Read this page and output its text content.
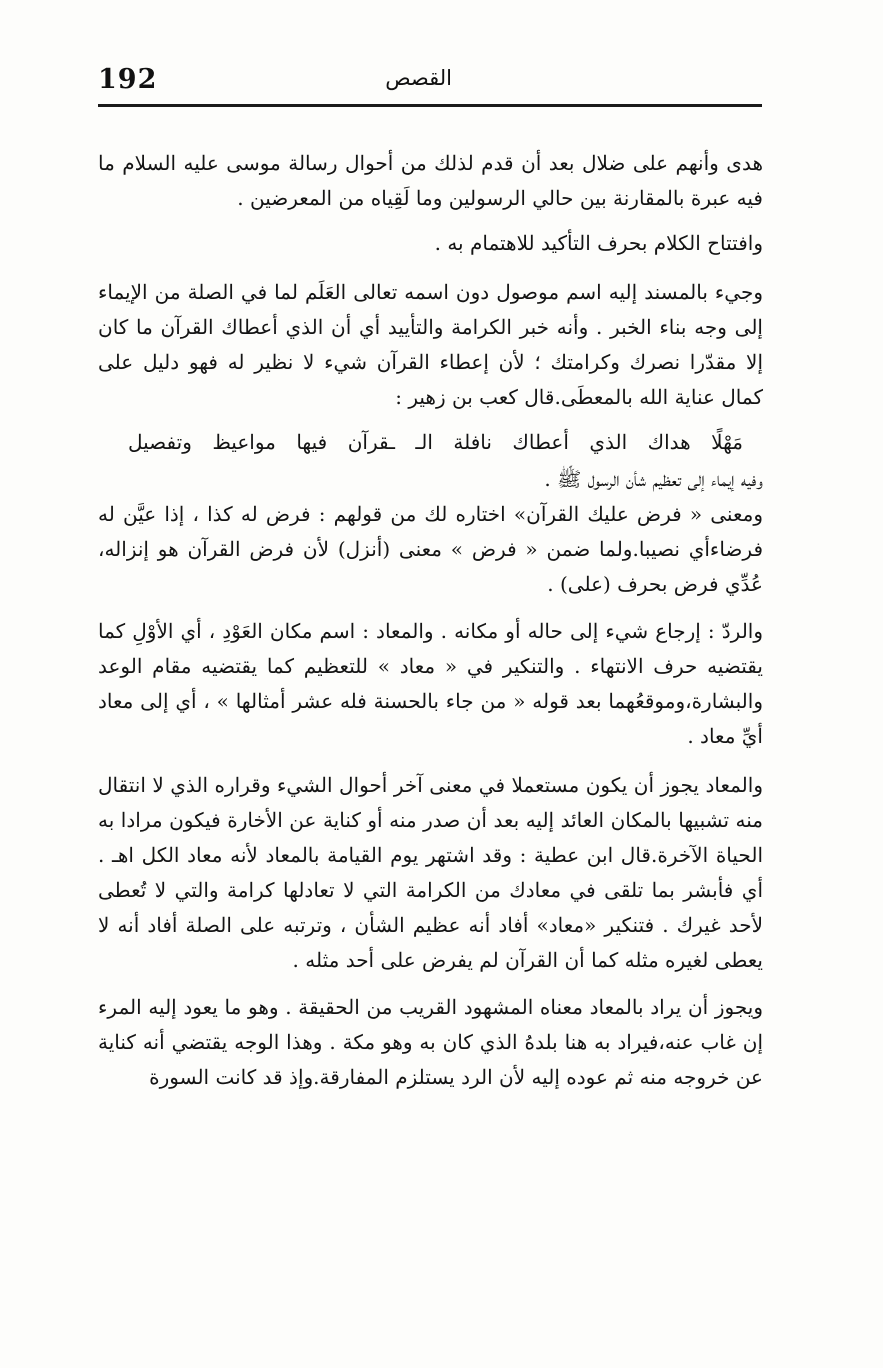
192	القصص

هدى وأنهم على ضلال بعد أن قدم لذلك من أحوال رسالة موسى عليه السلام ما فيه عبرة بالمقارنة بين حالي الرسولين وما لَقِياه من المعرضين .

وافتتاح الكلام بحرف التأكيد للاهتمام به .

وجيء بالمسند إليه اسم موصول دون اسمه تعالى العَلَم لما في الصلة من الإيماء إلى وجه بناء الخبر . وأنه خبر الكرامة والتأييد أي أن الذي أعطاك القرآن ما كان إلا مقدّرا نصرك وكرامتك ؛ لأن إعطاء القرآن شيء لا نظير له فهو دليل على كمال عناية الله بالمعطَى.قال كعب بن زهير :

مَهْلًا هداك الذي أعطاك نافلة الـ ـقرآن فيها مواعيظ وتفصيل

وفيه إيماء إلى تعظيم شأن الرسول ﷺ .

ومعنى « فرض عليك القرآن» اختاره لك من قولهم : فرض له كذا ، إذا عيَّن له فرضاءأي نصيبا.ولما ضمن « فرض » معنى (أنزل) لأن فرض القرآن هو إنزاله، عُدِّي فرض بحرف (على) .

والردّ : إرجاع شيء إلى حاله أو مكانه . والمعاد : اسم مكان العَوْدِ ، أي الأوْلِ كما يقتضيه حرف الانتهاء . والتنكير في « معاد » للتعظيم كما يقتضيه مقام الوعد والبشارة،وموقعُهما بعد قوله « من جاء بالحسنة فله عشر أمثالها » ، أي إلى معاد أيِّ معاد .

والمعاد يجوز أن يكون مستعملا في معنى آخر أحوال الشيء وقراره الذي لا انتقال منه تشبيها بالمكان العائد إليه بعد أن صدر منه أو كناية عن الأخارة فيكون مرادا به الحياة الآخرة.قال ابن عطية : وقد اشتهر يوم القيامة بالمعاد لأنه معاد الكل اهـ . أي فأبشر بما تلقى في معادك من الكرامة التي لا تعادلها كرامة والتي لا تُعطى لأحد غيرك . فتنكير «معاد» أفاد أنه عظيم الشأن ، وترتبه على الصلة أفاد أنه لا يعطى لغيره مثله كما أن القرآن لم يفرض على أحد مثله .

ويجوز أن يراد بالمعاد معناه المشهود القريب من الحقيقة . وهو ما يعود إليه المرء إن غاب عنه،فيراد به هنا بلدهُ الذي كان به وهو مكة . وهذا الوجه يقتضي أنه كناية عن خروجه منه ثم عوده إليه لأن الرد يستلزم المفارقة.وإذ قد كانت السورة
